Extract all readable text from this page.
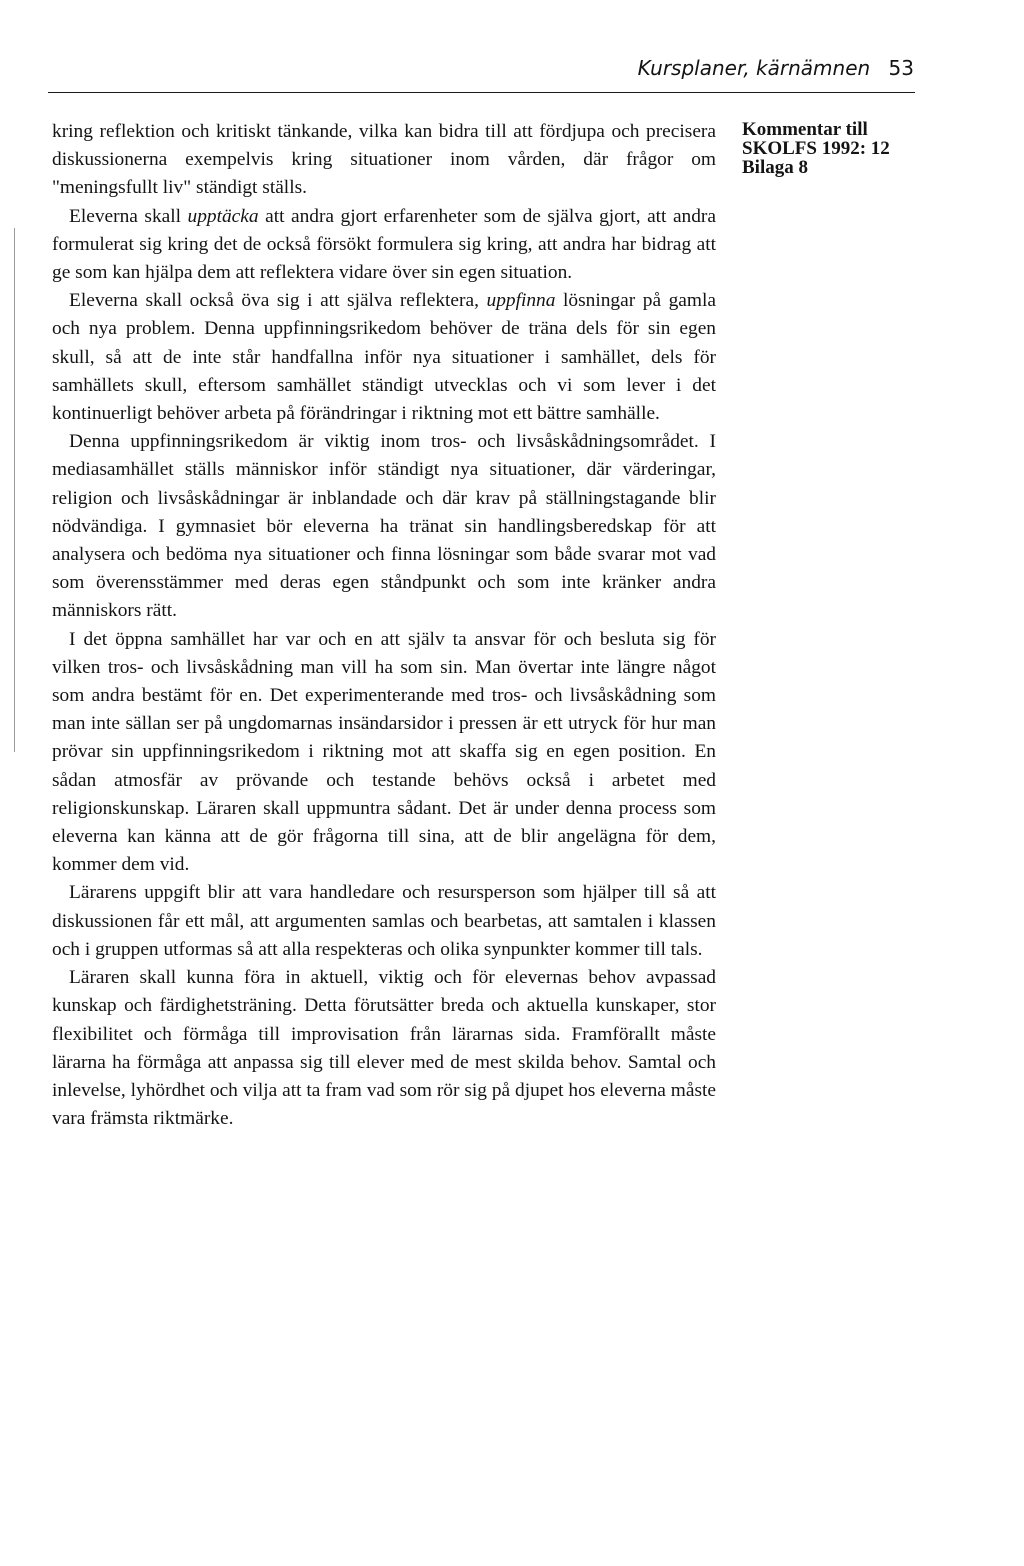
Kursplaner, kärnämnen 53

kring reflektion och kritiskt tänkande, vilka kan bidra till att fördjupa och precisera diskussionerna exempelvis kring situationer inom vården, där frågor om "meningsfullt liv" ständigt ställs.

Eleverna skall upptäcka att andra gjort erfarenheter som de själva gjort, att andra formulerat sig kring det de också försökt formulera sig kring, att andra har bidrag att ge som kan hjälpa dem att reflektera vidare över sin egen situation.

Eleverna skall också öva sig i att själva reflektera, uppfinna lösningar på gamla och nya problem. Denna uppfinningsrikedom behöver de träna dels för sin egen skull, så att de inte står handfallna inför nya situationer i samhället, dels för samhällets skull, eftersom samhället ständigt utvecklas och vi som lever i det kontinuerligt behöver arbeta på förändringar i riktning mot ett bättre samhälle.

Denna uppfinningsrikedom är viktig inom tros- och livsåskådningsområdet. I mediasamhället ställs människor inför ständigt nya situationer, där värderingar, religion och livsåskådningar är inblandade och där krav på ställningstagande blir nödvändiga. I gymnasiet bör eleverna ha tränat sin handlingsberedskap för att analysera och bedöma nya situationer och finna lösningar som både svarar mot vad som överensstämmer med deras egen ståndpunkt och som inte kränker andra människors rätt.

I det öppna samhället har var och en att själv ta ansvar för och besluta sig för vilken tros- och livsåskådning man vill ha som sin. Man övertar inte längre något som andra bestämt för en. Det experimenterande med tros- och livsåskådning som man inte sällan ser på ungdomarnas insändarsidor i pressen är ett utryck för hur man prövar sin uppfinningsrikedom i riktning mot att skaffa sig en egen position. En sådan atmosfär av prövande och testande behövs också i arbetet med religionskunskap. Läraren skall uppmuntra sådant. Det är under denna process som eleverna kan känna att de gör frågorna till sina, att de blir angelägna för dem, kommer dem vid.

Lärarens uppgift blir att vara handledare och resursperson som hjälper till så att diskussionen får ett mål, att argumenten samlas och bearbetas, att samtalen i klassen och i gruppen utformas så att alla respekteras och olika synpunkter kommer till tals.

Läraren skall kunna föra in aktuell, viktig och för elevernas behov avpassad kunskap och färdighetsträning. Detta förutsätter breda och aktuella kunskaper, stor flexibilitet och förmåga till improvisation från lärarnas sida. Framförallt måste lärarna ha förmåga att anpassa sig till elever med de mest skilda behov. Samtal och inlevelse, lyhördhet och vilja att ta fram vad som rör sig på djupet hos eleverna måste vara främsta riktmärke.

Kommentar till
SKOLFS 1992: 12
Bilaga 8
